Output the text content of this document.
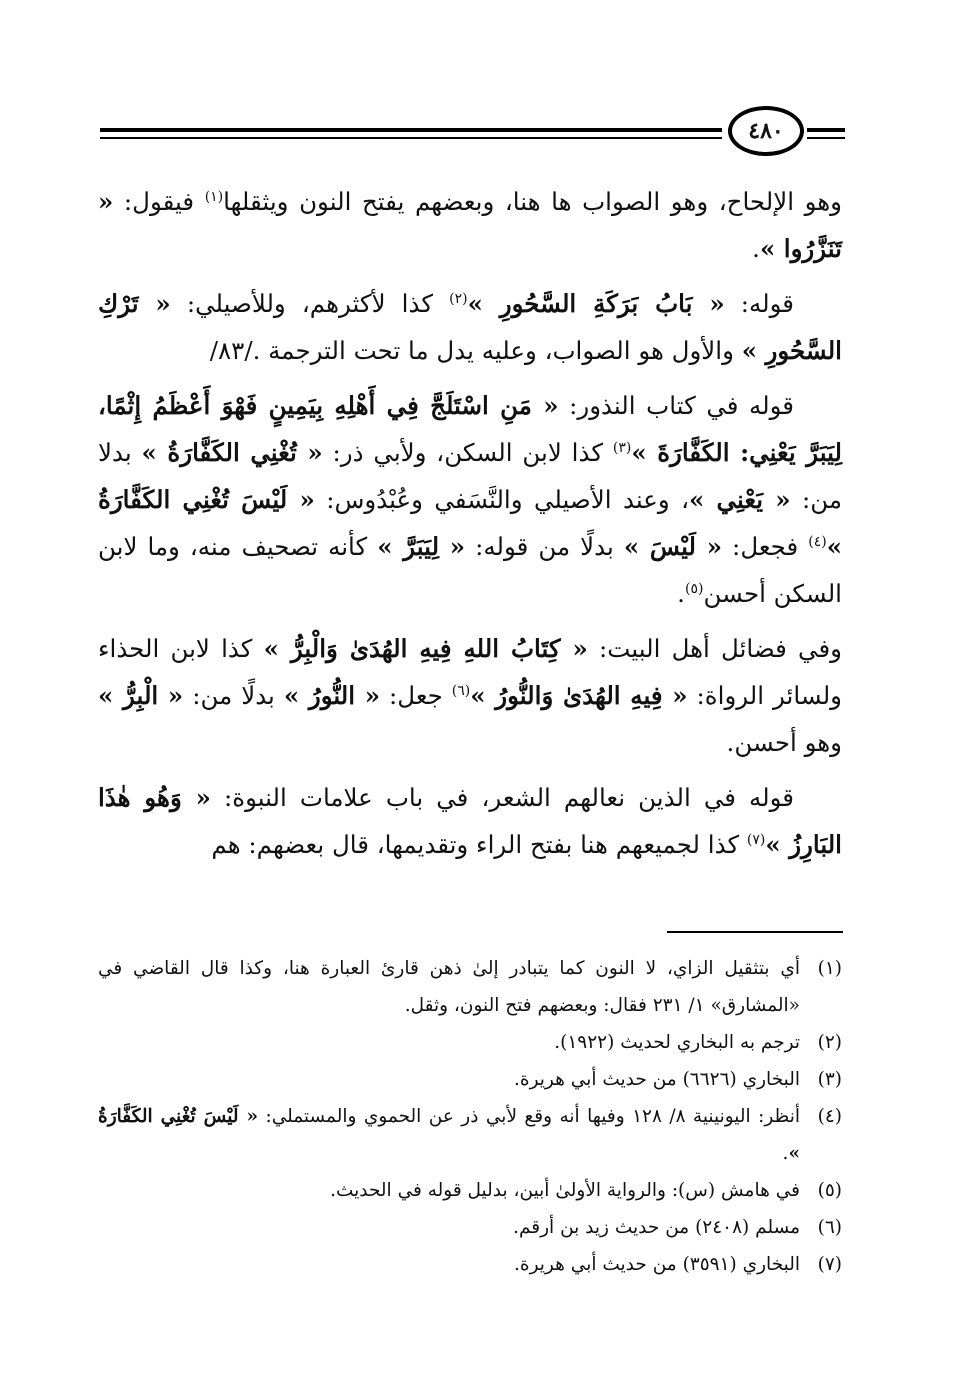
٤٨٠

وهو الإلحاح، وهو الصواب ها هنا، وبعضهم يفتح النون ويثقلها$^{(١)}$ فيقول: « تَنَزَّرُوا ».

قوله: « بَابُ بَرَكَةِ السَّحُورِ »$^{(٢)}$ كذا لأكثرهم، وللأصيلي: « تَرْكِ السَّحُورِ » والأول هو الصواب، وعليه يدل ما تحت الترجمة ./٨٣/

قوله في كتاب النذور: « مَنِ اسْتَلَجَّ فِي أَهْلِهِ بِيَمِينٍ فَهْوَ أَعْظَمُ إِثْمًا، لِيَبَرَّ يَعْنِي: الكَفَّارَةَ »$^{(٣)}$ كذا لابن السكن، ولأبي ذر: « تُغْنِي الكَفَّارَةُ » بدلا من: « يَعْنِي »، وعند الأصيلي والنَّسَفي وعُبْدُوس: « لَيْسَ تُغْنِي الكَفَّارَةُ »$^{(٤)}$ فجعل: « لَيْسَ » بدلًا من قوله: « لِيَبَرَّ » كأنه تصحيف منه، وما لابن السكن أحسن$^{(٥)}$.

وفي فضائل أهل البيت: « كِتَابُ اللهِ فِيهِ الهُدَىٰ وَالْبِرُّ » كذا لابن الحذاء ولسائر الرواة: « فِيهِ الهُدَىٰ وَالنُّورُ »$^{(٦)}$ جعل: « النُّورُ » بدلًا من: « الْبِرُّ » وهو أحسن.

قوله في الذين نعالهم الشعر، في باب علامات النبوة: « وَهُو هٰذَا البَارِزُ »$^{(٧)}$ كذا لجميعهم هنا بفتح الراء وتقديمها، قال بعضهم: هم

(١)
أي بتثقيل الزاي، لا النون كما يتبادر إلىٰ ذهن قارئ العبارة هنا، وكذا قال القاضي في «المشارق» ١/ ٢٣١ فقال: وبعضهم فتح النون، وثقل.
(٢)
ترجم به البخاري لحديث (١٩٢٢).
(٣)
البخاري (٦٦٢٦) من حديث أبي هريرة.
(٤)
أنظر: اليونينية ٨/ ١٢٨ وفيها أنه وقع لأبي ذر عن الحموي والمستملي: « لَيْسَ تُغْنِي الكَفَّارَةُ ».
(٥)
في هامش (س): والرواية الأولىٰ أبين، بدليل قوله في الحديث.
(٦)
مسلم (٢٤٠٨) من حديث زيد بن أرقم.
(٧)
البخاري (٣٥٩١) من حديث أبي هريرة.
